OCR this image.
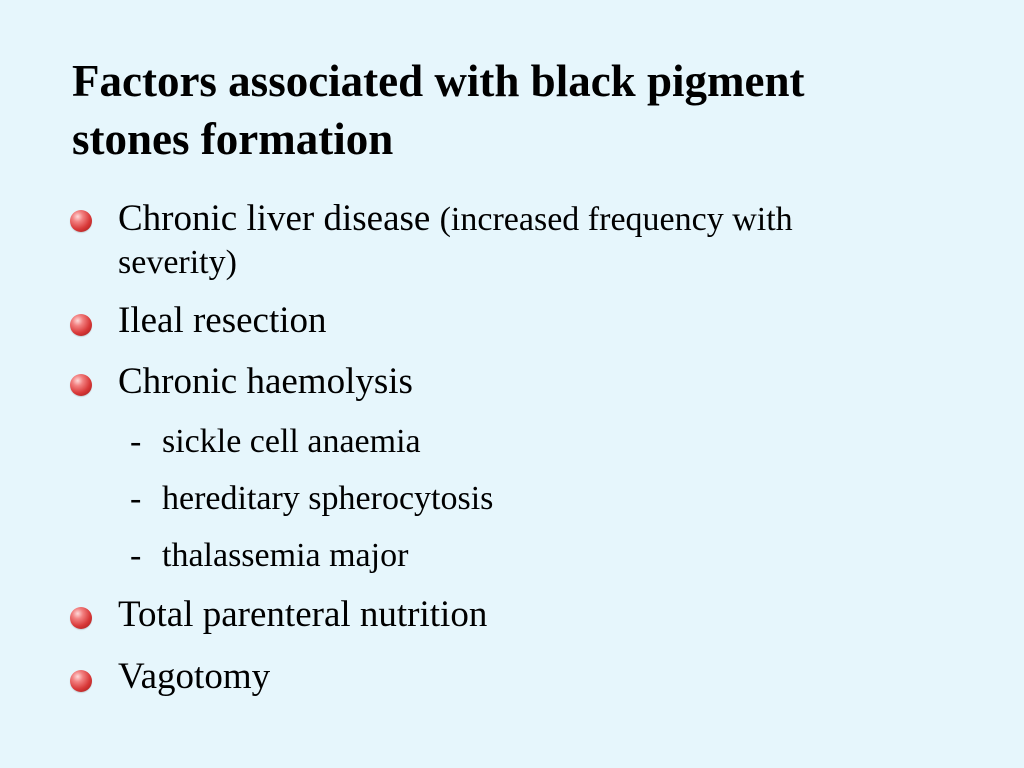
Factors associated with black pigment
stones formation
Chronic liver disease (increased frequency with
severity)
Ileal resection
Chronic haemolysis
- sickle cell anaemia
- hereditary spherocytosis
- thalassemia major
Total parenteral nutrition
Vagotomy
